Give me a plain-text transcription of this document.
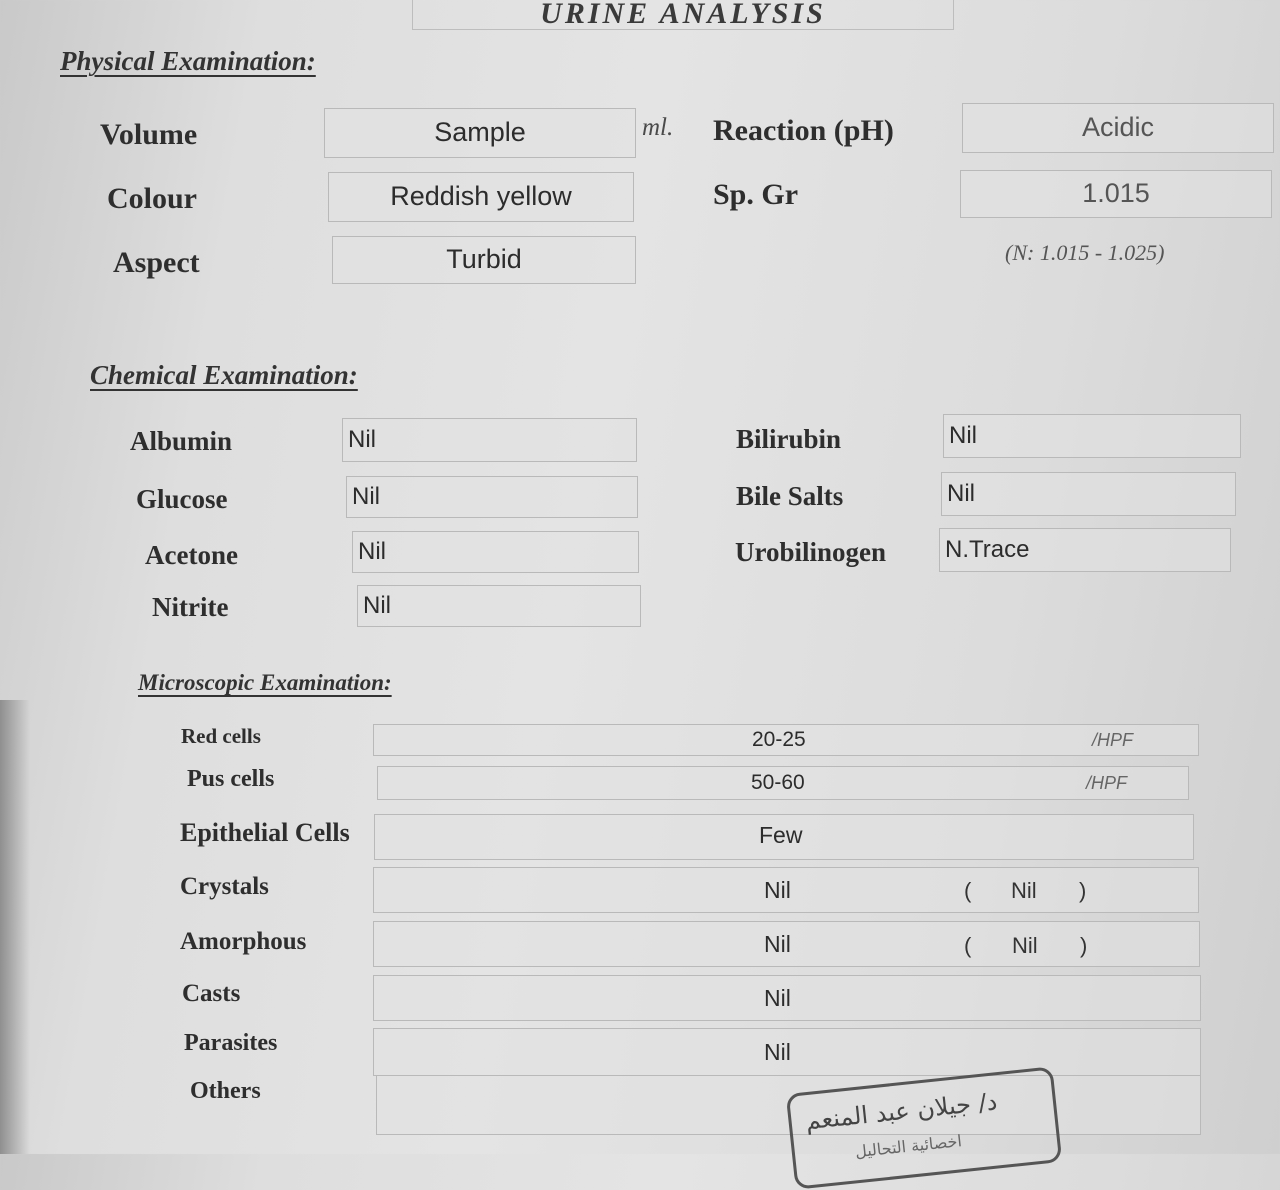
URINE ANALYSIS
Physical Examination:
Volume	Sample	ml.
Colour	Reddish yellow
Aspect	Turbid
Reaction (pH)	Acidic
Sp. Gr	1.015
(N: 1.015 - 1.025)
Chemical Examination:
Albumin	Nil
Glucose	Nil
Acetone	Nil
Nitrite	Nil
Bilirubin	Nil
Bile Salts	Nil
Urobilinogen N.Trace
Microscopic Examination:
Red cells	20-25	/HPF
Pus cells	50-60	/HPF
Epithelial Cells	Few
Crystals	Nil	( Nil )
Amorphous	Nil	( Nil )
Casts	Nil
Parasites	Nil
Others	د/ جيلان عبد المنعم
اخصائية التحاليل
